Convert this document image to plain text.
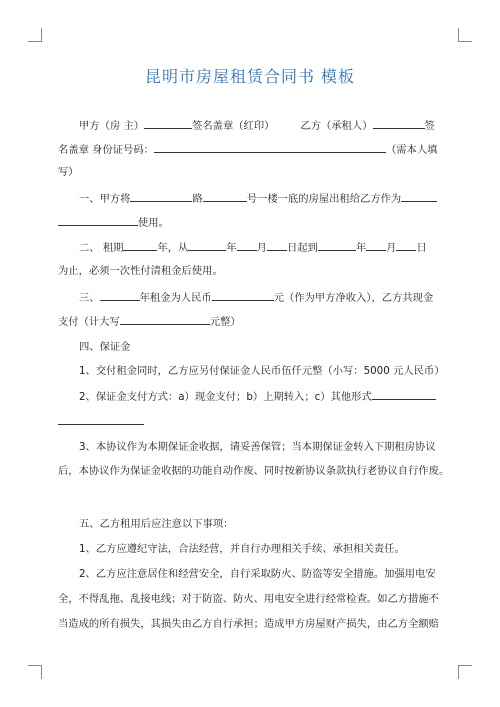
昆明市房屋租赁合同书 模板
甲方（房 主）	签名盖章（红印）	乙方（承租人）	签
名盖章 身份证号码：	（需本人填
写）
一、甲方将	路	号一楼一底的房屋出租给乙方作为
使用。
二、 租期	年，从	年 月 日起到	年 月 日
为止，必须一次性付清租金后使用。
三、	年租金为人民币	元（作为甲方净收入），乙方共现金
支付（计大写	元整）
四、保证金
1、交付租金同时，乙方应另付保证金人民币伍仟元整（小写：5000 元人民币）
2、保证金支付方式：a）现金支付；b）上期转入；c）其他形式
3、本协议作为本期保证金收据，请妥善保管；当本期保证金转入下期租房协议
后，本协议作为保证金收据的功能自动作废、同时按新协议条款执行老协议自行作废。
五、乙方租用后应注意以下事项：
1、乙方应遵纪守法，合法经营，并自行办理相关手续、承担相关责任。
2、乙方应注意居住和经营安全，自行采取防火、防盗等安全措施。加强用电安
全，不得乱拖、乱接电线；对于防盗、防火、用电安全进行经常检查。如乙方措施不
当造成的所有损失，其损失由乙方自行承担；造成甲方房屋财产损失，由乙方全额赔
